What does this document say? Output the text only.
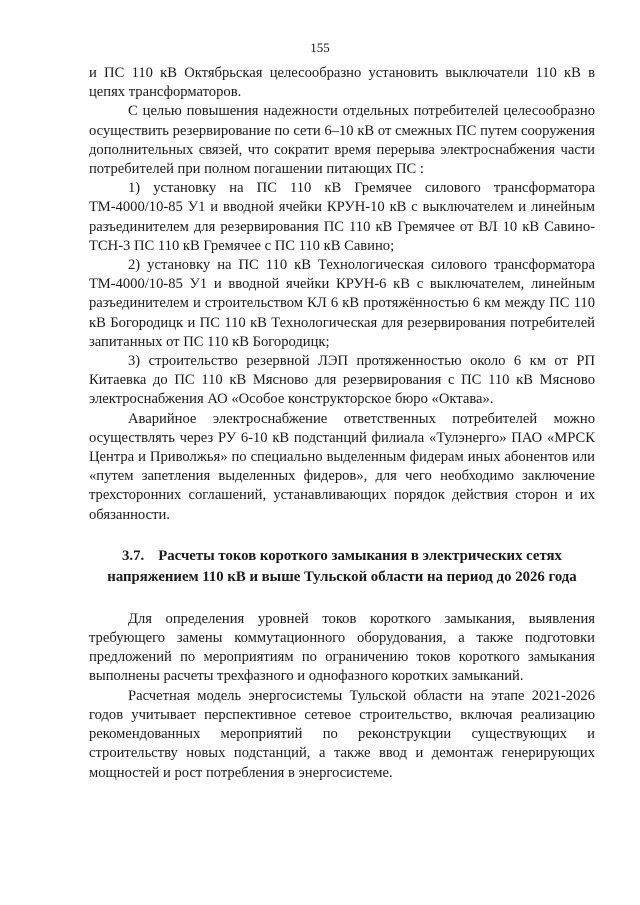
155

и ПС 110 кВ Октябрьская целесообразно установить выключатели 110 кВ в цепях трансформаторов.

С целью повышения надежности отдельных потребителей целесообразно осуществить резервирование по сети 6–10 кВ от смежных ПС путем сооружения дополнительных связей, что сократит время перерыва электроснабжения части потребителей при полном погашении питающих ПС :

1) установку на ПС 110 кВ Гремячее силового трансформатора ТМ-4000/10-85 У1 и вводной ячейки КРУН-10 кВ с выключателем и линейным разъединителем для резервирования ПС 110 кВ Гремячее от ВЛ 10 кВ Савино-ТСН-3 ПС 110 кВ Гремячее с ПС 110 кВ Савино;

2) установку на ПС 110 кВ Технологическая силового трансформатора ТМ-4000/10-85 У1 и вводной ячейки КРУН-6 кВ с выключателем, линейным разъединителем и строительством КЛ 6 кВ протяжённостью 6 км между ПС 110 кВ Богородицк и ПС 110 кВ Технологическая для резервирования потребителей запитанных от ПС 110 кВ Богородицк;

3) строительство резервной ЛЭП протяженностью около 6 км от РП Китаевка до ПС 110 кВ Мясново для резервирования с ПС 110 кВ Мясново электроснабжения АО «Особое конструкторское бюро «Октава».

Аварийное электроснабжение ответственных потребителей можно осуществлять через РУ 6-10 кВ подстанций филиала «Тулэнерго» ПАО «МРСК Центра и Приволжья» по специально выделенным фидерам иных абонентов или «путем запетления выделенных фидеров», для чего необходимо заключение трехсторонних соглашений, устанавливающих порядок действия сторон и их обязанности.

3.7. Расчеты токов короткого замыкания в электрических сетях
напряжением 110 кВ и выше Тульской области на период до 2026 года

Для определения уровней токов короткого замыкания, выявления требующего замены коммутационного оборудования, а также подготовки предложений по мероприятиям по ограничению токов короткого замыкания выполнены расчеты трехфазного и однофазного коротких замыканий.

Расчетная модель энергосистемы Тульской области на этапе 2021-2026 годов учитывает перспективное сетевое строительство, включая реализацию рекомендованных мероприятий по реконструкции существующих и строительству новых подстанций, а также ввод и демонтаж генерирующих мощностей и рост потребления в энергосистеме.
